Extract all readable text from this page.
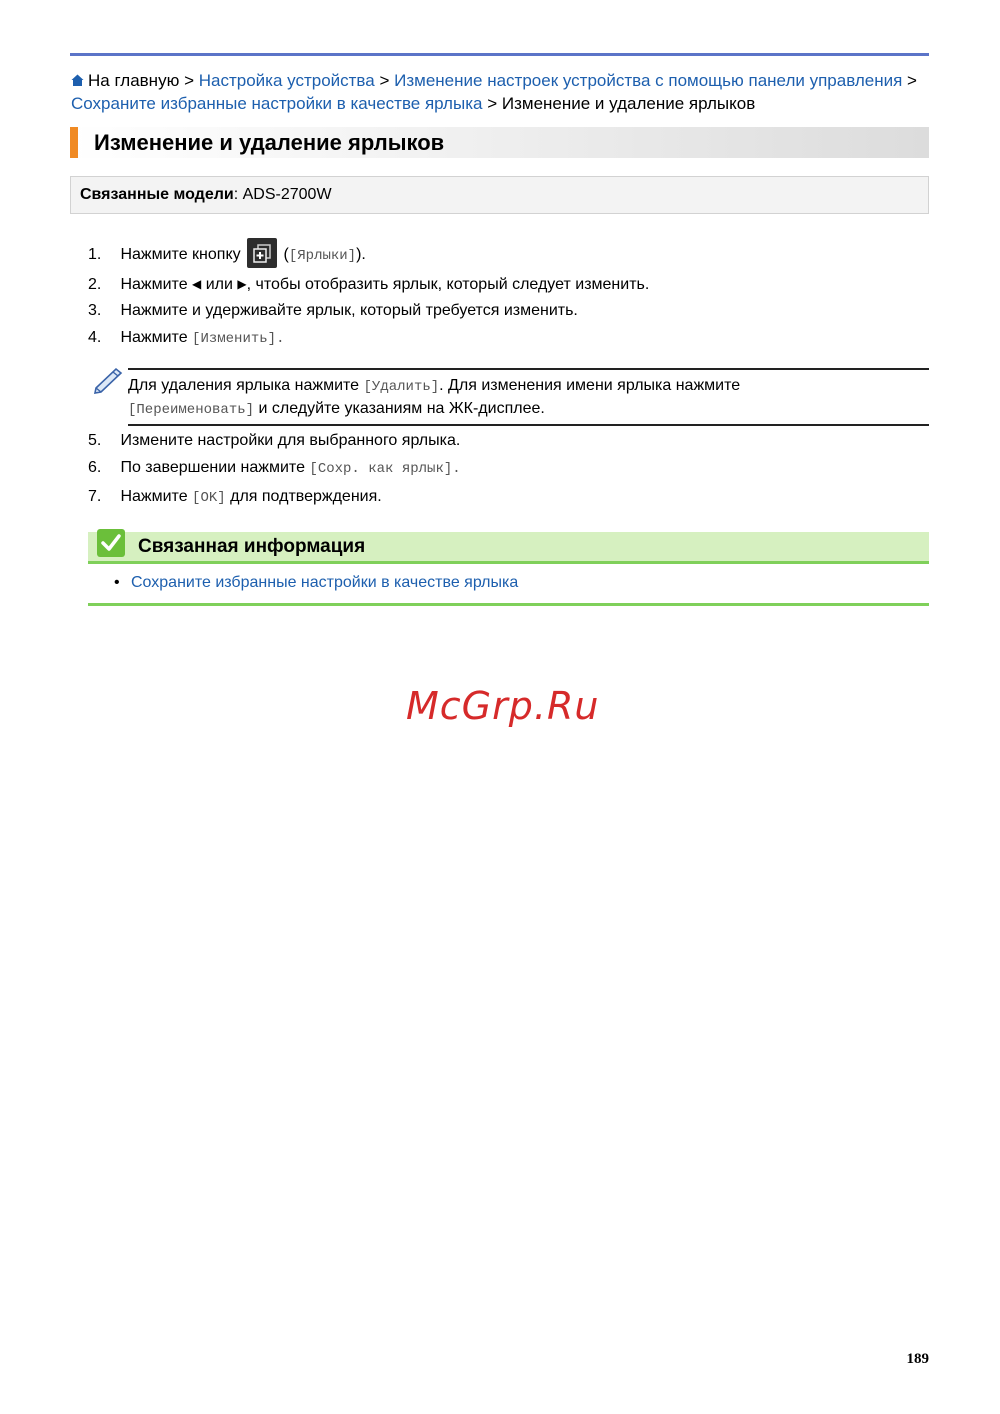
На главную > Настройка устройства > Изменение настроек устройства с помощью панели управления > Сохраните избранные настройки в качестве ярлыка > Изменение и удаление ярлыков
Изменение и удаление ярлыков
Связанные модели: ADS-2700W
1. Нажмите кнопку	([Ярлыки]).
2. Нажмите ◀ или ▶, чтобы отобразить ярлык, который следует изменить.
3. Нажмите и удерживайте ярлык, который требуется изменить.
4. Нажмите [Изменить].
Для удаления ярлыка нажмите [Удалить]. Для изменения имени ярлыка нажмите
[Переименовать] и следуйте указаниям на ЖК-дисплее.
5. Измените настройки для выбранного ярлыка.
6. По завершении нажмите [Сохр. как ярлык].
7. Нажмите [OK] для подтверждения.
Связанная информация
• Сохраните избранные настройки в качестве ярлыка
McGrp.Ru
189
